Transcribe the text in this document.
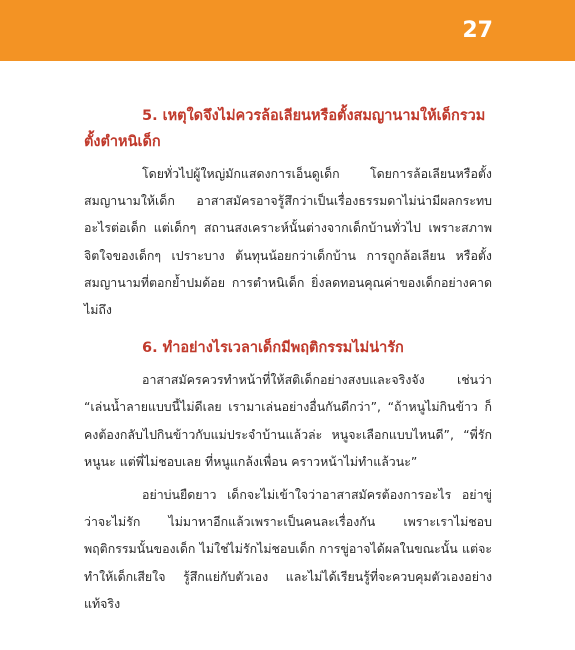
27
5. เหตุใดจึงไม่ควรล้อเลียนหรือตั้งสมญานามให้เด็กรวมตั้งตำหนิเด็ก

โดยทั่วไปผู้ใหญ่มักแสดงการเอ็นดูเด็ก โดยการล้อเลียนหรือตั้งสมญานามให้เด็ก อาสาสมัครอาจรู้สึกว่าเป็นเรื่องธรรมดาไม่น่ามีผลกระทบอะไรต่อเด็ก แต่เด็กๆ สถานสงเคราะห์นั้นต่างจากเด็กบ้านทั่วไป เพราะสภาพจิตใจของเด็กๆ เปราะบาง ต้นทุนน้อยกว่าเด็กบ้าน การถูกล้อเลียน หรือตั้งสมญานามที่ตอกย้ำปมด้อย การตำหนิเด็ก ยิ่งลดทอนคุณค่าของเด็กอย่างคาดไม่ถึง

6. ทำอย่างไรเวลาเด็กมีพฤติกรรมไม่น่ารัก

อาสาสมัครควรทำหน้าที่ให้สติเด็กอย่างสงบและจริงจัง เช่นว่า “เล่นน้ำลายแบบนี้ไม่ดีเลย เรามาเล่นอย่างอื่นกันดีกว่า”, “ถ้าหนูไม่กินข้าว ก็คงต้องกลับไปกินข้าวกับแม่ประจำบ้านแล้วล่ะ หนูจะเลือกแบบไหนดี”, “พี่รักหนูนะ แต่พี่ไม่ชอบเลย ที่หนูแกล้งเพื่อน คราวหน้าไม่ทำแล้วนะ”

อย่าบ่นยืดยาว เด็กจะไม่เข้าใจว่าอาสาสมัครต้องการอะไร อย่าขู่ว่าจะไม่รัก ไม่มาหาอีกแล้วเพราะเป็นคนละเรื่องกัน เพราะเราไม่ชอบพฤติกรรมนั้นของเด็ก ไม่ใช่ไม่รักไม่ชอบเด็ก การขู่อาจได้ผลในขณะนั้น แต่จะทำให้เด็กเสียใจ รู้สึกแย่กับตัวเอง และไม่ได้เรียนรู้ที่จะควบคุมตัวเองอย่างแท้จริง
